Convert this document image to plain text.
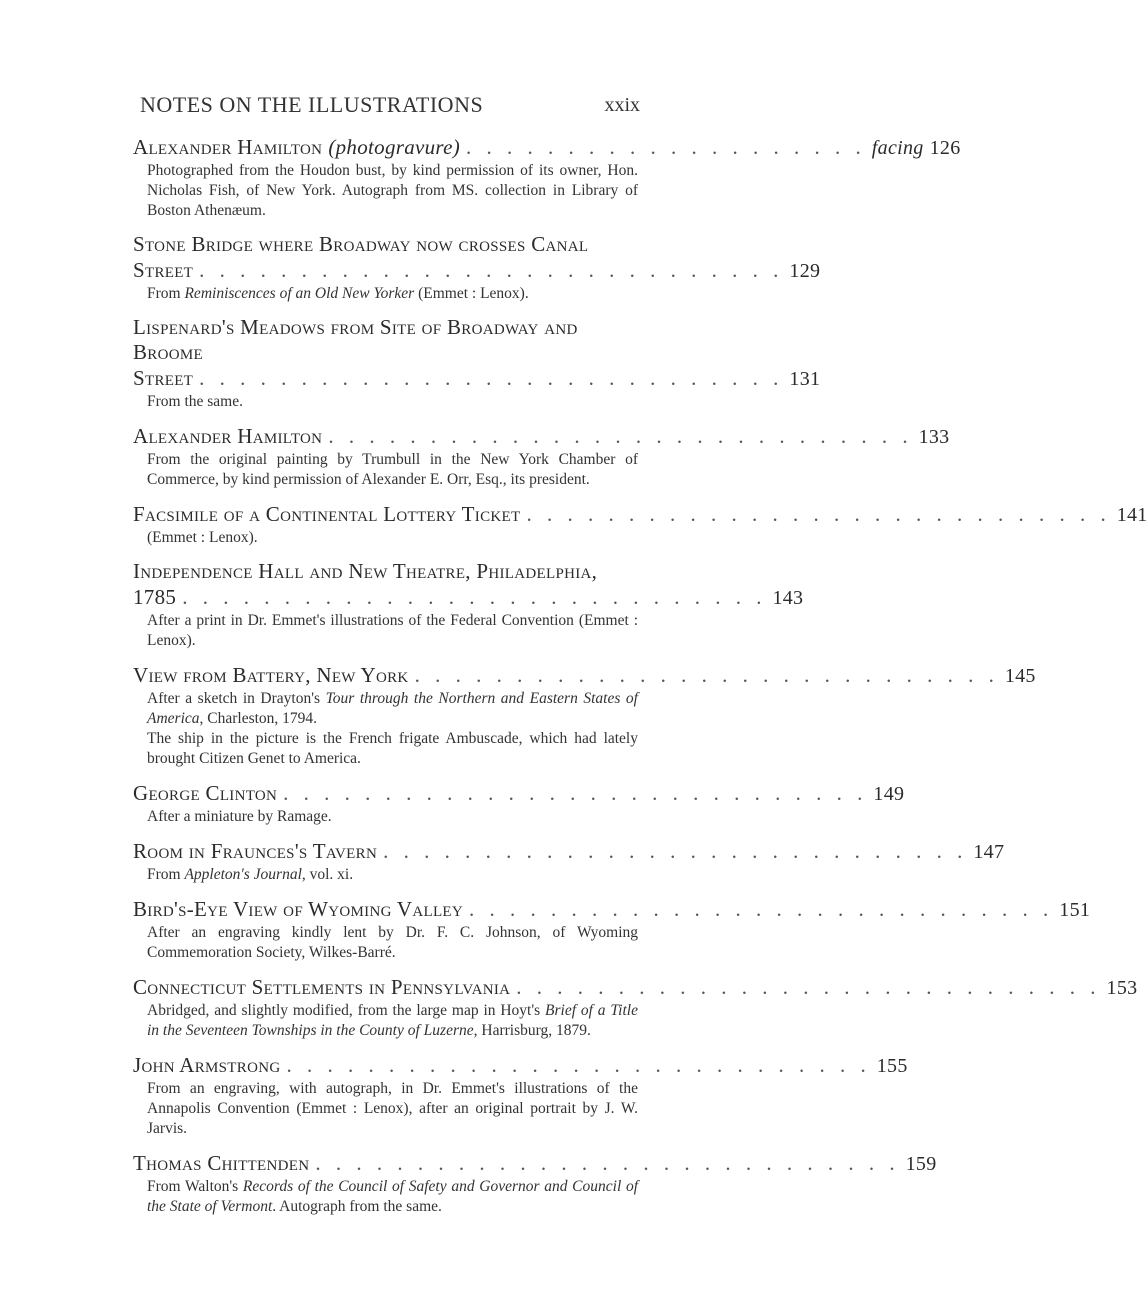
NOTES ON THE ILLUSTRATIONS	xxix
Alexander Hamilton (photogravure) . . . . . . . . . . . . . . . . . . . . facing 126
Photographed from the Houdon bust, by kind permission of its owner, Hon. Nicholas Fish, of New York. Autograph from MS. collection in Library of Boston Athenæum.
Stone Bridge where Broadway now crosses Canal
Street . . . . . . . . . . . . . . . . . . . . . . . . . . . . . 129
From Reminiscences of an Old New Yorker (Emmet : Lenox).
Lispenard's Meadows from Site of Broadway and Broome
Street . . . . . . . . . . . . . . . . . . . . . . . . . . . . . 131
From the same.
Alexander Hamilton . . . . . . . . . . . . . . . . . . . . . . . . . . . . . 133
From the original painting by Trumbull in the New York Chamber of Commerce, by kind permission of Alexander E. Orr, Esq., its president.
Facsimile of a Continental Lottery Ticket . . . . . . . . . . . . . . . . . . . . . . . . . . . . . 141
(Emmet : Lenox).
Independence Hall and New Theatre, Philadelphia,
1785 . . . . . . . . . . . . . . . . . . . . . . . . . . . . . 143
After a print in Dr. Emmet's illustrations of the Federal Convention (Emmet : Lenox).
View from Battery, New York . . . . . . . . . . . . . . . . . . . . . . . . . . . . . 145
After a sketch in Drayton's Tour through the Northern and Eastern States of America, Charleston, 1794.
The ship in the picture is the French frigate Ambuscade, which had lately brought Citizen Genet to America.
George Clinton . . . . . . . . . . . . . . . . . . . . . . . . . . . . . 149
After a miniature by Ramage.
Room in Fraunces's Tavern . . . . . . . . . . . . . . . . . . . . . . . . . . . . . 147
From Appleton's Journal, vol. xi.
Bird's-Eye View of Wyoming Valley . . . . . . . . . . . . . . . . . . . . . . . . . . . . . 151
After an engraving kindly lent by Dr. F. C. Johnson, of Wyoming Commemoration Society, Wilkes-Barré.
Connecticut Settlements in Pennsylvania . . . . . . . . . . . . . . . . . . . . . . . . . . . . . 153
Abridged, and slightly modified, from the large map in Hoyt's Brief of a Title in the Seventeen Townships in the County of Luzerne, Harrisburg, 1879.
John Armstrong . . . . . . . . . . . . . . . . . . . . . . . . . . . . . 155
From an engraving, with autograph, in Dr. Emmet's illustrations of the Annapolis Convention (Emmet : Lenox), after an original portrait by J. W. Jarvis.
Thomas Chittenden . . . . . . . . . . . . . . . . . . . . . . . . . . . . . 159
From Walton's Records of the Council of Safety and Governor and Council of the State of Vermont. Autograph from the same.
